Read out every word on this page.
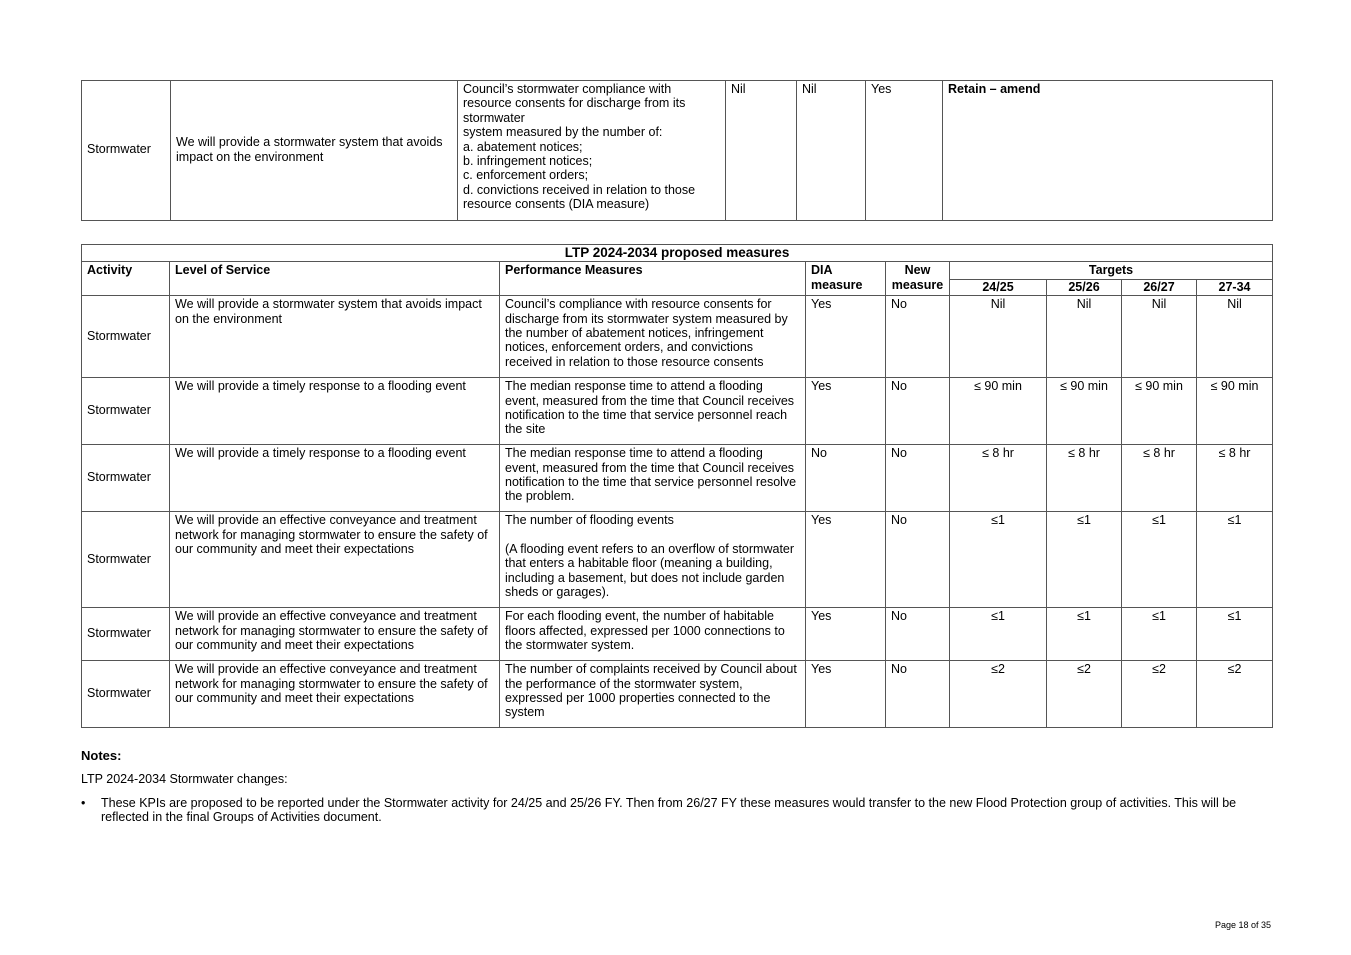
Stormwater	We will provide a stormwater system that avoids impact on the environment	Council’s stormwater compliance with
resource consents for discharge from its
stormwater
system measured by the number of:
a. abatement notices;
b. infringement notices;
c. enforcement orders;
d. convictions received in relation to those
resource consents (DIA measure)	Nil	Nil	Yes	Retain – amend
LTP 2024-2034 proposed measures								
Activity	Level of Service	Performance Measures	DIA measure	New measure	Targets			
					24/25	25/26	26/27	27-34
Stormwater	We will provide a stormwater system that avoids impact on the environment	Council’s compliance with resource consents for discharge from its stormwater system measured by the number of abatement notices, infringement notices, enforcement orders, and convictions received in relation to those resource consents	Yes	No	Nil	Nil	Nil	Nil
Stormwater	We will provide a timely response to a flooding event	The median response time to attend a flooding event, measured from the time that Council receives notification to the time that service personnel reach the site	Yes	No	≤ 90 min	≤ 90 min	≤ 90 min	≤ 90 min
Stormwater	We will provide a timely response to a flooding event	The median response time to attend a flooding event, measured from the time that Council receives notification to the time that service personnel resolve the problem.	No	No	≤ 8 hr	≤ 8 hr	≤ 8 hr	≤ 8 hr
Stormwater	We will provide an effective conveyance and treatment network for managing stormwater to ensure the safety of our community and meet their expectations	The number of flooding events

(A flooding event refers to an overflow of stormwater that enters a habitable floor (meaning a building, including a basement, but does not include garden sheds or garages).	Yes	No	≤1	≤1	≤1	≤1
Stormwater	We will provide an effective conveyance and treatment network for managing stormwater to ensure the safety of our community and meet their expectations	For each flooding event, the number of habitable floors affected, expressed per 1000 connections to the stormwater system.	Yes	No	≤1	≤1	≤1	≤1
Stormwater	We will provide an effective conveyance and treatment network for managing stormwater to ensure the safety of our community and meet their expectations	The number of complaints received by Council about the performance of the stormwater system, expressed per 1000 properties connected to the system	Yes	No	≤2	≤2	≤2	≤2
Notes:
LTP 2024-2034 Stormwater changes:
• These KPIs are proposed to be reported under the Stormwater activity for 24/25 and 25/26 FY. Then from 26/27 FY these measures would transfer to the new Flood Protection group of activities. This will be reflected in the final Groups of Activities document.
Page 18 of 35
